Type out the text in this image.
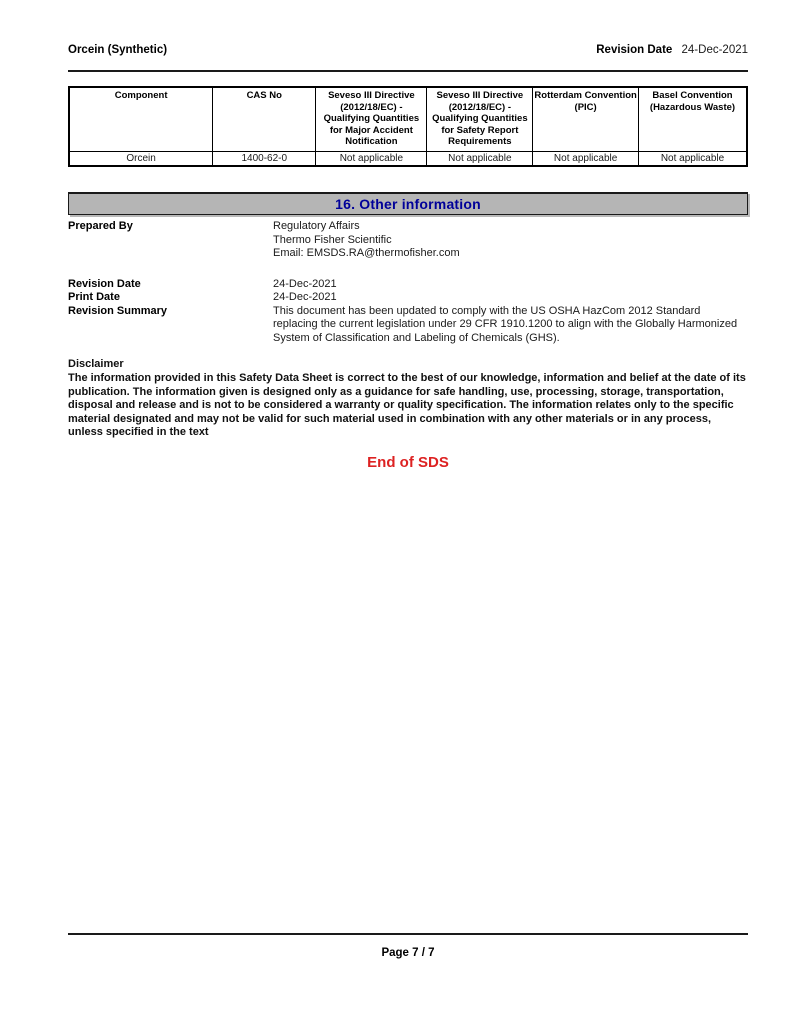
Orcein (Synthetic)	Revision Date 24-Dec-2021
Component	CAS No	Seveso III Directive (2012/18/EC) - Qualifying Quantities for Major Accident Notification	Seveso III Directive (2012/18/EC) - Qualifying Quantities for Safety Report Requirements	Rotterdam Convention (PIC)	Basel Convention (Hazardous Waste)
Orcein	1400-62-0	Not applicable	Not applicable	Not applicable	Not applicable
16. Other information
Prepared By	Regulatory Affairs
Thermo Fisher Scientific
Email: EMSDS.RA@thermofisher.com
Revision Date	24-Dec-2021
Print Date	24-Dec-2021
Revision Summary	This document has been updated to comply with the US OSHA HazCom 2012 Standard replacing the current legislation under 29 CFR 1910.1200 to align with the Globally Harmonized System of Classification and Labeling of Chemicals (GHS).
Disclaimer
The information provided in this Safety Data Sheet is correct to the best of our knowledge, information and belief at the date of its publication. The information given is designed only as a guidance for safe handling, use, processing, storage, transportation, disposal and release and is not to be considered a warranty or quality specification. The information relates only to the specific material designated and may not be valid for such material used in combination with any other materials or in any process, unless specified in the text
End of SDS
Page 7 / 7
